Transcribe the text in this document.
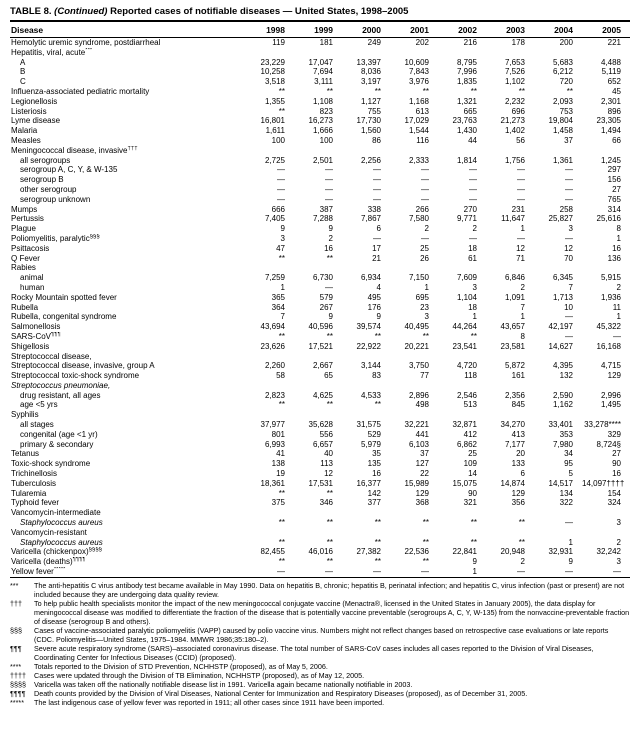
TABLE 8. (Continued) Reported cases of notifiable diseases — United States, 1998–2005
Disease	1998	1999	2000	2001	2002	2003	2004	2005
Hemolytic uremic syndrome, postdiarrheal	119	181	249	202	216	178	200	221
Hepatitis, viral, acute***								
A	23,229	17,047	13,397	10,609	8,795	7,653	5,683	4,488
B	10,258	7,694	8,036	7,843	7,996	7,526	6,212	5,119
C	3,518	3,111	3,197	3,976	1,835	1,102	720	652
Influenza-associated pediatric mortality	**	**	**	**	**	**	**	45
Legionellosis	1,355	1,108	1,127	1,168	1,321	2,232	2,093	2,301
Listeriosis	**	823	755	613	665	696	753	896
Lyme disease	16,801	16,273	17,730	17,029	23,763	21,273	19,804	23,305
Malaria	1,611	1,666	1,560	1,544	1,430	1,402	1,458	1,494
Measles	100	100	86	116	44	56	37	66
Meningococcal disease, invasive†††								
all serogroups	2,725	2,501	2,256	2,333	1,814	1,756	1,361	1,245
serogroup A, C, Y, & W-135	—	—	—	—	—	—	—	297
serogroup B	—	—	—	—	—	—	—	156
other serogroup	—	—	—	—	—	—	—	27
serogroup unknown	—	—	—	—	—	—	—	765
Mumps	666	387	338	266	270	231	258	314
Pertussis	7,405	7,288	7,867	7,580	9,771	11,647	25,827	25,616
Plague	9	9	6	2	2	1	3	8
Poliomyelitis, paralytic§§§	3	2	—	—	—	—	—	1
Psittacosis	47	16	17	25	18	12	12	16
Q Fever	**	**	21	26	61	71	70	136
Rabies								
animal	7,259	6,730	6,934	7,150	7,609	6,846	6,345	5,915
human	1	—	4	1	3	2	7	2
Rocky Mountain spotted fever	365	579	495	695	1,104	1,091	1,713	1,936
Rubella	364	267	176	23	18	7	10	11
Rubella, congenital syndrome	7	9	9	3	1	1	—	1
Salmonellosis	43,694	40,596	39,574	40,495	44,264	43,657	42,197	45,322
SARS-CoV¶¶¶	**	**	**	**	**	8	—	—
Shigellosis	23,626	17,521	22,922	20,221	23,541	23,581	14,627	16,168
Streptococcal disease,								
Streptococcal disease, invasive, group A	2,260	2,667	3,144	3,750	4,720	5,872	4,395	4,715
Streptococcal toxic-shock syndrome	58	65	83	77	118	161	132	129
Streptococcus pneumoniae,								
drug resistant, all ages	2,823	4,625	4,533	2,896	2,546	2,356	2,590	2,996
age <5 yrs	**	**	**	498	513	845	1,162	1,495
Syphilis								
all stages	37,977	35,628	31,575	32,221	32,871	34,270	33,401	33,278****
congenital (age <1 yr)	801	556	529	441	412	413	353	329
primary & secondary	6,993	6,657	5,979	6,103	6,862	7,177	7,980	8,724§
Tetanus	41	40	35	37	25	20	34	27
Toxic-shock syndrome	138	113	135	127	109	133	95	90
Trichinellosis	19	12	16	22	14	6	5	16
Tuberculosis	18,361	17,531	16,377	15,989	15,075	14,874	14,517	14,097††††
Tularemia	**	**	142	129	90	129	134	154
Typhoid fever	375	346	377	368	321	356	322	324
Vancomycin-intermediate								
Staphylococcus aureus	**	**	**	**	**	**	—	3
Vancomycin-resistant								
Staphylococcus aureus	**	**	**	**	**	**	1	2
Varicella (chickenpox)§§§§	82,455	46,016	27,382	22,536	22,841	20,948	32,931	32,242
Varicella (deaths)¶¶¶¶	**	**	**	**	9	2	9	3
Yellow fever*****	—	—	—	—	1	—	—	—
***	The anti-hepatitis C virus antibody test became available in May 1990. Data on hepatitis B, chronic; hepatitis B, perinatal infection; and hepatitis C, virus infection (past or present) are not included because they are undergoing data quality review.
†††	To help public health specialists monitor the impact of the new meningococcal conjugate vaccine (Menactra®, licensed in the United States in January 2005), the data display for meningococcal disease was modified to differentiate the fraction of the disease that is potentially vaccine preventable (serogroups A, C, Y, W-135) from the nonvaccine-preventable fraction of disease (serogroup B and others).
§§§	Cases of vaccine-associated paralytic poliomyelitis (VAPP) caused by polio vaccine virus. Numbers might not reflect changes based on retrospective case evaluations or late reports (CDC. Poliomyelitis—United States, 1975–1984. MMWR 1986;35:180–2).
¶¶¶	Severe acute respiratory syndrome (SARS)–associated coronavirus disease. The total number of SARS-CoV cases includes all cases reported to the Division of Viral Diseases, Coordinating Center for Infectious Diseases (CCID) (proposed).
****	Totals reported to the Division of STD Prevention, NCHHSTP (proposed), as of May 5, 2006.
††††	Cases were updated through the Division of TB Elimination, NCHHSTP (proposed), as of May 12, 2005.
§§§§	Varicella was taken off the nationally notifiable disease list in 1991. Varicella again became nationally notifiable in 2003.
¶¶¶¶	Death counts provided by the Division of Viral Diseases, National Center for Immunization and Respiratory Diseases (proposed), as of December 31, 2005.
*****	The last indigenous case of yellow fever was reported in 1911; all other cases since 1911 have been imported.
